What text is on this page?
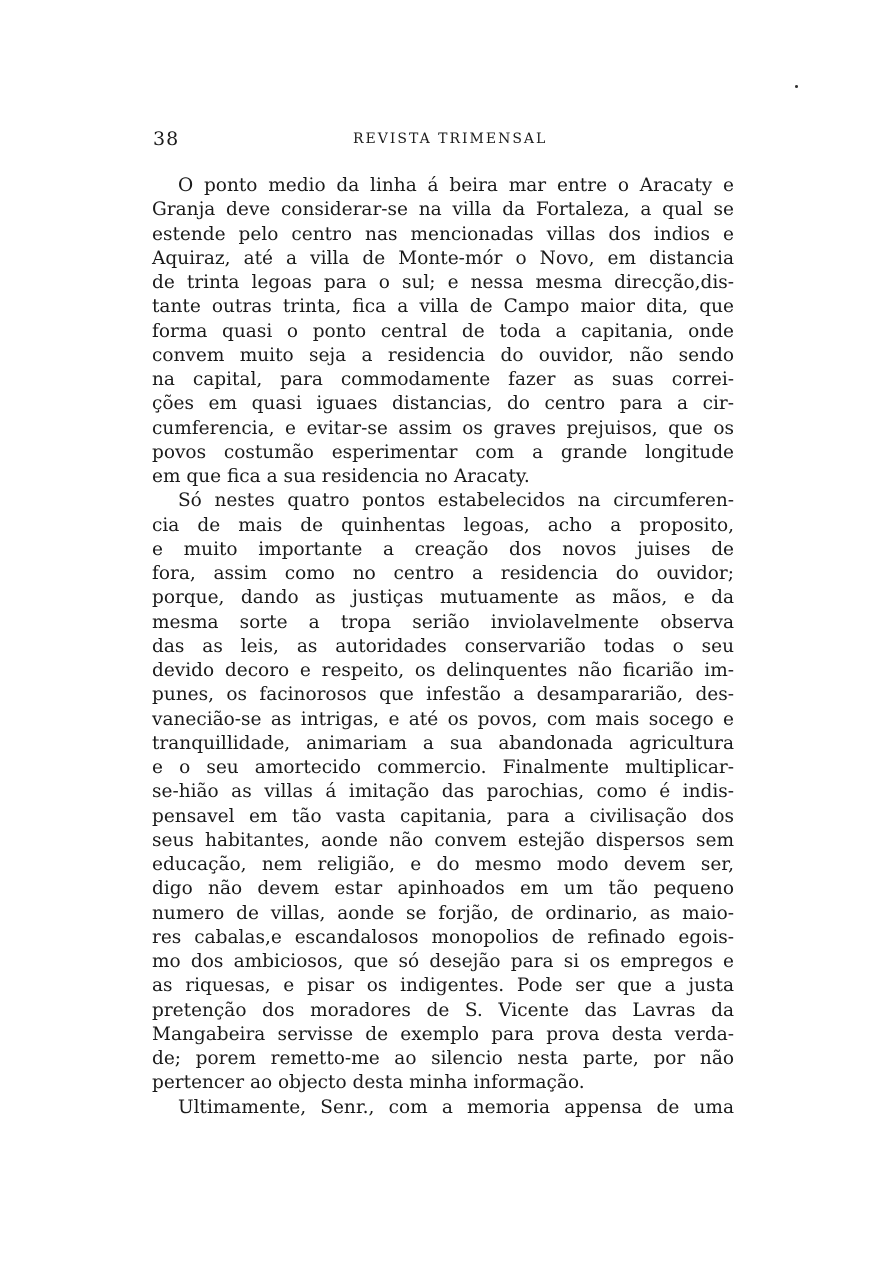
38	REVISTA TRIMENSAL
O ponto medio da linha á beira mar entre o Aracaty e
Granja deve considerar-se na villa da Fortaleza, a qual se
estende pelo centro nas mencionadas villas dos indios e
Aquiraz, até a villa de Monte-mór o Novo, em distancia
de trinta legoas para o sul; e nessa mesma direcção,dis-
tante outras trinta, fica a villa de Campo maior dita, que
forma quasi o ponto central de toda a capitania, onde
convem muito seja a residencia do ouvidor, não sendo
na capital, para commodamente fazer as suas correi-
ções em quasi iguaes distancias, do centro para a cir-
cumferencia, e evitar-se assim os graves prejuisos, que os
povos costumão esperimentar com a grande longitude
em que fica a sua residencia no Aracaty.
Só nestes quatro pontos estabelecidos na circumferen-
cia de mais de quinhentas legoas, acho a proposito,
e muito importante a creação dos novos juises de
fora, assim como no centro a residencia do ouvidor;
porque, dando as justiças mutuamente as mãos, e da
mesma sorte a tropa serião inviolavelmente observa
das as leis, as autoridades conservarião todas o seu
devido decoro e respeito, os delinquentes não ficarião im-
punes, os facinorosos que infestão a desampararião, des-
vanecião-se as intrigas, e até os povos, com mais socego e
tranquillidade, animariam a sua abandonada agricultura
e o seu amortecido commercio. Finalmente multiplicar-
se-hião as villas á imitação das parochias, como é indis-
pensavel em tão vasta capitania, para a civilisação dos
seus habitantes, aonde não convem estejão dispersos sem
educação, nem religião, e do mesmo modo devem ser,
digo não devem estar apinhoados em um tão pequeno
numero de villas, aonde se forjão, de ordinario, as maio-
res cabalas,e escandalosos monopolios de refinado egois-
mo dos ambiciosos, que só desejão para si os empregos e
as riquesas, e pisar os indigentes. Pode ser que a justa
pretenção dos moradores de S. Vicente das Lavras da
Mangabeira servisse de exemplo para prova desta verda-
de; porem remetto-me ao silencio nesta parte, por não
pertencer ao objecto desta minha informação.
Ultimamente, Senr., com a memoria appensa de uma
